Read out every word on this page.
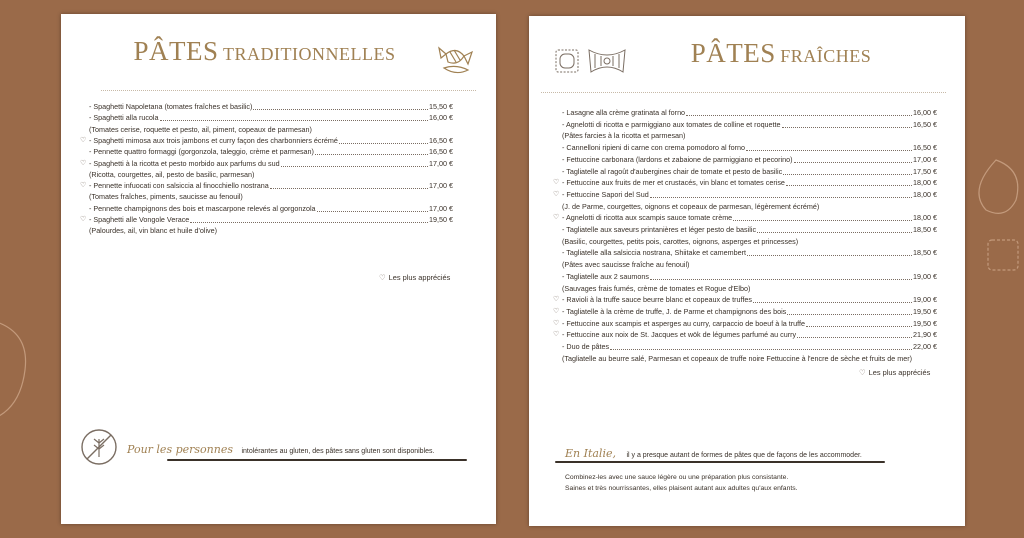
PÂTES traditionnelles
- Spaghetti Napoletana (tomates fraîches et basilic)	15,50 €
- Spaghetti alla rucola	16,00 €
(Tomates cerise, roquette et pesto, ail, piment, copeaux de parmesan)
♡ - Spaghetti mimosa aux trois jambons et curry façon des charbonniers écrémé	16,50 €
- Pennette quattro formaggi (gorgonzola, taleggio, crème et parmesan)	16,50 €
♡ - Spaghetti à la ricotta et pesto morbido aux parfums du sud	17,00 €
(Ricotta, courgettes, ail, pesto de basilic, parmesan)
♡ - Pennette infuocati con salsiccia al finocchiello nostrana	17,00 €
(Tomates fraîches, piments, saucisse au fenouil)
- Pennette champignons des bois et mascarpone relevés al gorgonzola	17,00 €
♡ - Spaghetti alle Vongole Verace	19,50 €
(Palourdes, ail, vin blanc et huile d'olive)
♡ Les plus appréciés
Pour les personnes intolérantes au gluten, des pâtes sans gluten sont disponibles.
PÂTES fraîches
- Lasagne alla crème gratinata al forno	16,00 €
- Agnelotti di ricotta e parmiggiano aux tomates de colline et roquette	16,50 €
(Pâtes farcies à la ricotta et parmesan)
- Cannelloni ripieni di carne con crema pomodoro al forno	16,50 €
- Fettuccine carbonara (lardons et zabaione de parmiggiano et pecorino)	17,00 €
- Tagliatelle al ragoût d'aubergines chair de tomate et pesto de basilic	17,50 €
♡ - Fettuccine aux fruits de mer et crustacés, vin blanc et tomates cerise	18,00 €
♡ - Fettuccine Sapori del Sud	18,00 €
(J. de Parme, courgettes, oignons et copeaux de parmesan, légèrement écrémé)
♡ - Agnelotti di ricotta aux scampis sauce tomate crème	18,00 €
- Tagliatelle aux saveurs printanières et léger pesto de basilic	18,50 €
(Basilic, courgettes, petits pois, carottes, oignons, asperges et princesses)
- Tagliatelle alla salsiccia nostrana, Shiitake et camembert	18,50 €
(Pâtes avec saucisse fraîche au fenouil)
- Tagliatelle aux 2 saumons	19,00 €
(Sauvages frais fumés, crème de tomates et Rogue d'Elbo)
♡ - Ravioli à la truffe sauce beurre blanc et copeaux de truffes	19,00 €
♡ - Tagliatelle à la crème de truffe, J. de Parme et champignons des bois	19,50 €
♡ - Fettuccine aux scampis et asperges au curry, carpaccio de boeuf à la truffe	19,50 €
♡ - Fettuccine aux noix de St. Jacques et wök de légumes parfumé au curry	21,90 €
- Duo de pâtes	22,00 €
(Tagliatelle au beurre salé, Parmesan et copeaux de truffe noire Fettuccine à l'encre de sèche et fruits de mer)
♡ Les plus appréciés
En Italie, il y a presque autant de formes de pâtes que de façons de les accommoder.
Combinez-les avec une sauce légère ou une préparation plus consistante.
Saines et très nourrissantes, elles plaisent autant aux adultes qu'aux enfants.
